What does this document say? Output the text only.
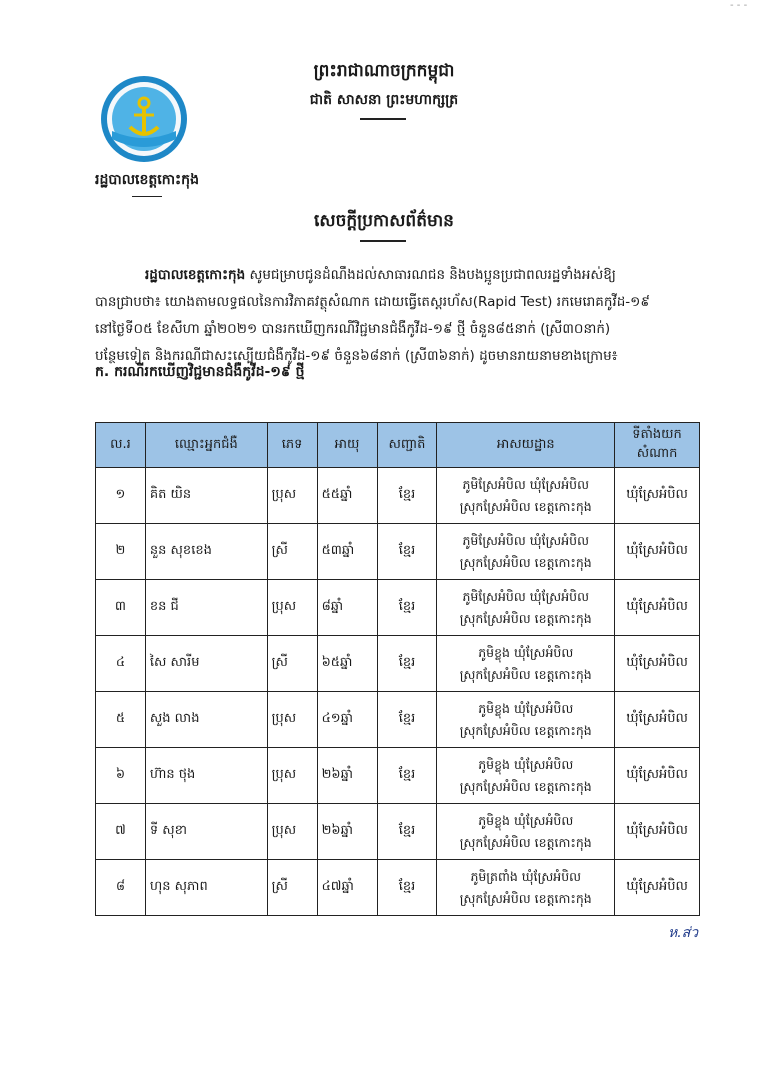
- - -
ព្រះរាជាណាចក្រកម្ពុជា
ជាតិ សាសនា ព្រះមហាក្សត្រ
រដ្ឋបាលខេត្តកោះកុង
សេចក្តីប្រកាសព័ត៌មាន
រដ្ឋបាលខេត្តកោះកុង សូមជម្រាបជូនដំណឹងដល់សាធារណជន និងបងប្អូនប្រជាពលរដ្ឋទាំងអស់ឱ្យ
បានជ្រាបថា៖ យោងតាមលទ្ធផលនៃការវិភាគវត្ថុសំណាក ដោយធ្វើតេស្តរហ័ស(Rapid Test) រកមេរោគកូវីដ-១៩
នៅថ្ងៃទី០៥ ខែសីហា ឆ្នាំ២០២១ បានរកឃើញករណីវិជ្ជមានជំងឺកូវីដ-១៩ ថ្មី ចំនួន៨៥នាក់ (ស្រី៣០នាក់)
បន្ថែមទៀត និងករណីជាសះស្បើយជំងឺកូវីដ-១៩ ចំនួន៦៨នាក់ (ស្រី៣៦នាក់) ដូចមានរាយនាមខាងក្រោម៖
ក. ករណីរកឃើញវិជ្ជមានជំងឺកូវីដ-១៩ ថ្មី
ល.រ	ឈ្មោះអ្នកជំងឺ	ភេទ	អាយុ	សញ្ជាតិ	អាសយដ្ឋាន	ទីតាំងយកសំណាក
១	គិត យិន	ប្រុស	៥៥ឆ្នាំ	ខ្មែរ	ភូមិស្រែអំបិល ឃុំស្រែអំបិល
ស្រុកស្រែអំបិល ខេត្តកោះកុង	ឃុំស្រែអំបិល
២	នួន សុខខេង	ស្រី	៥៣ឆ្នាំ	ខ្មែរ	ភូមិស្រែអំបិល ឃុំស្រែអំបិល
ស្រុកស្រែអំបិល ខេត្តកោះកុង	ឃុំស្រែអំបិល
៣	ខន ជី	ប្រុស	៨ឆ្នាំ	ខ្មែរ	ភូមិស្រែអំបិល ឃុំស្រែអំបិល
ស្រុកស្រែអំបិល ខេត្តកោះកុង	ឃុំស្រែអំបិល
៤	សៃ សារីម	ស្រី	៦៥ឆ្នាំ	ខ្មែរ	ភូមិខ្លុង ឃុំស្រែអំបិល
ស្រុកស្រែអំបិល ខេត្តកោះកុង	ឃុំស្រែអំបិល
៥	សួង លាង	ប្រុស	៤១ឆ្នាំ	ខ្មែរ	ភូមិខ្លុង ឃុំស្រែអំបិល
ស្រុកស្រែអំបិល ខេត្តកោះកុង	ឃុំស្រែអំបិល
៦	ហ៊ាន ថុង	ប្រុស	២៦ឆ្នាំ	ខ្មែរ	ភូមិខ្លុង ឃុំស្រែអំបិល
ស្រុកស្រែអំបិល ខេត្តកោះកុង	ឃុំស្រែអំបិល
៧	ទី សុខា	ប្រុស	២៦ឆ្នាំ	ខ្មែរ	ភូមិខ្លុង ឃុំស្រែអំបិល
ស្រុកស្រែអំបិល ខេត្តកោះកុង	ឃុំស្រែអំបិល
៨	ហុន សុភាព	ស្រី	៤៧ឆ្នាំ	ខ្មែរ	ភូមិត្រពាំង ឃុំស្រែអំបិល
ស្រុកស្រែអំបិល ខេត្តកោះកុង	ឃុំស្រែអំបិល
ห.ส่ว
